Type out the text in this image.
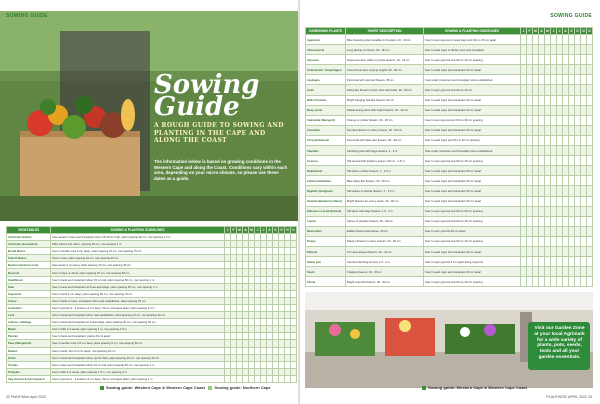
SOWING GUIDE
Sowing
Guide
A ROUGH GUIDE TO SOWING AND PLANTING IN THE CAPE AND ALONG THE COAST
The information below is based on growing conditions in the Western Cape and along the Coast. Conditions vary within each area, depending on your micro-climate, so please use these dates as a guide.
VEGETABLES	SOWING & PLANTING GUIDELINES	J	F	M	A	M	J	J	A	S	O	N	D
Artichoke (Globe)	Sow seeds in trays and transplant when 15-20 cm high, plant spacing 90 cm, row spacing 1.2 m												
Artichoke (Jerusalem)	Plant tubers into warm, spacing 30 cm, row spacing 1 m												
Broad Beans	Sow in double rows 6 cm deep, plant spacing 15 cm, row spacing 75 cm												
French Beans	Sow in rows, plant spacing 10 cm, row spacing 45 cm												
Beetroot (bunch roots)	Sow seeds 2 cm deep, plant spacing 10 cm, row spacing 30 cm												
Broccoli	Sow in trays or direct, plant spacing 45 cm, row spacing 60 cm												
Cauliflower	Sow in beds and transplant when 15 cm tall, plant spacing 50 cm, row spacing 1 m												
Kale	Sow in beds and transplant at three-leaf stage, plant spacing 45 cm, row spacing 1 m												
Capsicum	Sow in beds 1 cm deep, plant spacing 50 cm, row spacing 70 cm												
Celery	Sow in beds or trays, transplant when well established, plant spacing 25 cm												
Cucumber	Sow in groups 2 - 3 seeds 1-2 cm deep, thin to strongest plant, plant spacing 1.2 m												
Leek	Sow in beds and transplant when well established, plant spacing 10 cm, row spacing 30 cm												
Lettuce, Cabbage	Sow in beds and transplant at 4-leaf stage, plant spacing 30 cm, row spacing 30 cm												
Melon	Sow in hills 2-3 seeds, plant spacing 1 m, row spacing 1.5 m												
Parsley	Sow in beds and transplant, plants 20 cm apart												
Peas (Mangetout)	Sow in double rows 4-5 cm deep, plant spacing 5 cm, row spacing 60 cm												
Radish	Sow in beds, thin to 5 cm apart, row spacing 20 cm												
Onion	Sow in beds and transplant when pencil thick, plant spacing 10 cm, row spacing 30 cm												
Tomato	Sow in trays and transplant when 15 cm tall, plant spacing 60 cm, row spacing 1 m												
Pumpkin	Sow in hills 2-3 seeds, plant spacing 1.5 m, row spacing 2 m												
Veg marrow & Gem Squash	Sow in groups 2 - 3 seeds 1-2 cm deep, thin to strongest plant, plant spacing 1 m												
Sowing guide: Western Cape & Western Cape Coast Sowing guide: Northern Cape
32 PlaNTWise April 2022
SOWING GUIDE
GARDENING PLANTS	SHORT DESCRIPTION	SOWING & PLANTING GUIDELINES	J	F	M	A	M	J	J	A	S	O	N	D
Ageratum	Blue flowering plant suitable for borders, 20 - 30 cm	Sow in open ground or seed trays and thin to 15 cm apart												
Alstroemeria	Long lasting cut flower, 60 - 90 cm	Sow in seed trays or divide roots and transplant												
Alyssum	Sweet-scented, white or purple flowers, 10 - 15 cm	Sow in open ground and thin to 15 cm spacing												
Antirrhinum / Snapdragon	Colourful annual, varying heights 30 - 90 cm	Sow in seed trays and transplant 20 cm apart												
Aquilegia	Perennial with spurred flowers, 45 cm	Sow under protection and transplant when established												
Aster	Daisy-like flowers in pink, blue and white, 30 - 60 cm	Sow in open ground and thin to 30 cm												
Bells Peruvian	Bright hanging bell-like flowers, 60 cm	Sow in seed trays and transplant 40 cm apart												
Busy Lizzie	Shade-loving plant with bright flowers, 20 - 30 cm	Sow in seed trays and transplant 20 cm apart												
Calendula (Marigold)	Orange or yellow flowers, 30 - 45 cm	Sow in open ground and thin to 30 cm spacing												
Carnation	Scented flowers in many colours, 30 - 60 cm	Sow in seed trays and transplant 30 cm apart												
Chrysanthemum	Perennial with daisy-like flowers, 60 - 90 cm	Sow in seed trays and thin to 40 cm spacing												
Clematis	Climbing plant with large flowers, 2 - 3 m	Sow under protection and transplant when established												
Cosmos	Tall annual with feathery leaves, 90 cm - 1.5 m	Sow in open ground and thin to 45 cm spacing												
Delphinium	Tall spires of blue flowers, 1 - 1.5 m	Sow in seed trays and transplant 60 cm apart												
Felicia amelloides	Blue daisy-like flowers, 30 - 45 cm	Sow in seed trays and transplant 30 cm apart												
Digitalis (Foxglove)	Tall spikes of tubular flowers, 1 - 1.5 m	Sow in seed trays and transplant 45 cm apart												
Gazania (Barberton Daisy)	Bright flowers for sunny spots, 20 - 30 cm	Sow in seed trays and transplant 30 cm apart												
Hibiscus rosa (Hollyhock)	Tall plant with large flowers, 1.5 - 2 m	Sow in open ground and thin to 60 cm spacing												
Lupins	Spires of pea-like flowers, 60 - 90 cm	Sow in open ground and thin to 45 cm spacing												
Nasturtium	Edible flowers and leaves, 30 cm	Sow in open ground 30 cm apart												
Poppy	Papery flowers in many colours, 30 - 90 cm	Sow in open ground and thin to 30 cm spacing												
Petunia	Trumpet-shaped flowers, 20 - 30 cm	Sow in seed trays and transplant 30 cm apart												
Sweet pea	Scented climbing annual, 1.5 - 2 m	Sow in open ground 5 cm apart along supports												
Stock	Fragrant flowers, 30 - 60 cm	Sow in seed trays and transplant 30 cm apart												
Zinnia	Bright colourful flowers, 30 - 90 cm	Sow in open ground and thin to 30 cm spacing												
Visit our Garden Zone at your local Agrimark for a wide variety of plants, pots, seeds, tools and all your garden essentials.
Sowing guide: Western Cape & Western Cape Coast
PLANTWISE APRIL 2022 33
